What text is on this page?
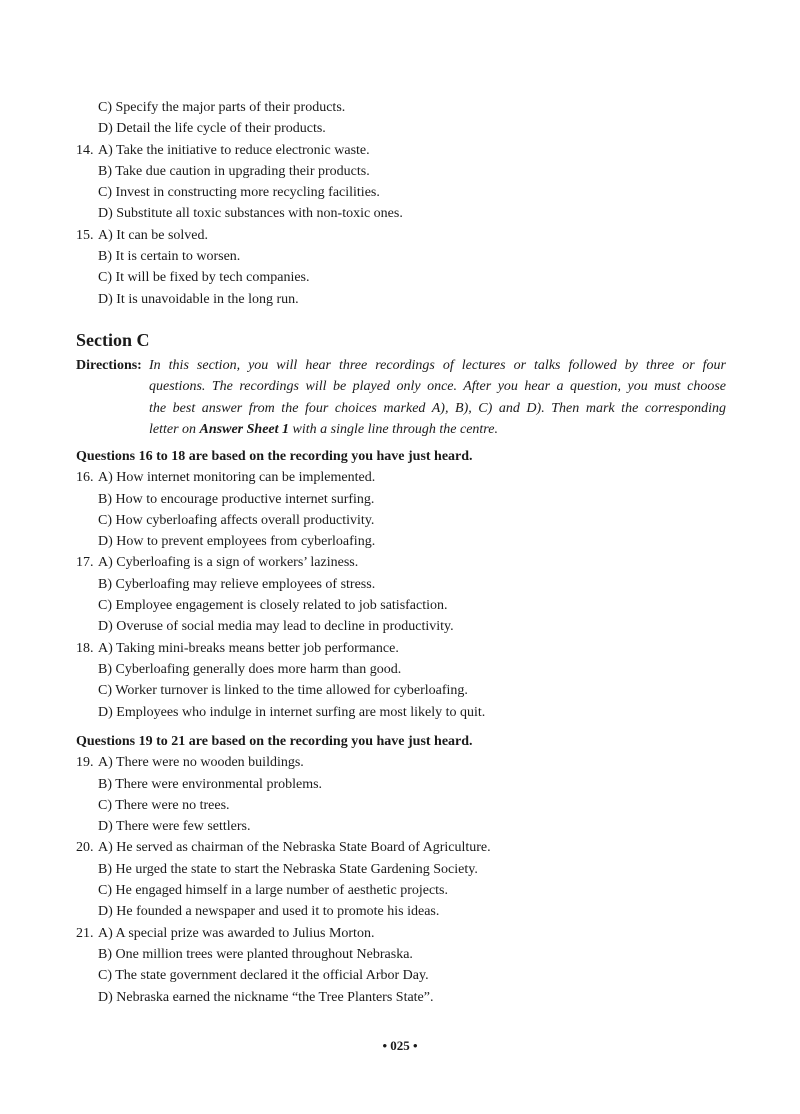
C) Specify the major parts of their products.
D) Detail the life cycle of their products.
14. A) Take the initiative to reduce electronic waste.
B) Take due caution in upgrading their products.
C) Invest in constructing more recycling facilities.
D) Substitute all toxic substances with non-toxic ones.
15. A) It can be solved.
B) It is certain to worsen.
C) It will be fixed by tech companies.
D) It is unavoidable in the long run.
Section C
Directions: In this section, you will hear three recordings of lectures or talks followed by three or four
questions. The recordings will be played only once. After you hear a question, you must choose
the best answer from the four choices marked A), B), C) and D). Then mark the corresponding
letter on Answer Sheet 1 with a single line through the centre.
Questions 16 to 18 are based on the recording you have just heard.
16. A) How internet monitoring can be implemented.
B) How to encourage productive internet surfing.
C) How cyberloafing affects overall productivity.
D) How to prevent employees from cyberloafing.
17. A) Cyberloafing is a sign of workers’ laziness.
B) Cyberloafing may relieve employees of stress.
C) Employee engagement is closely related to job satisfaction.
D) Overuse of social media may lead to decline in productivity.
18. A) Taking mini-breaks means better job performance.
B) Cyberloafing generally does more harm than good.
C) Worker turnover is linked to the time allowed for cyberloafing.
D) Employees who indulge in internet surfing are most likely to quit.
Questions 19 to 21 are based on the recording you have just heard.
19. A) There were no wooden buildings.
B) There were environmental problems.
C) There were no trees.
D) There were few settlers.
20. A) He served as chairman of the Nebraska State Board of Agriculture.
B) He urged the state to start the Nebraska State Gardening Society.
C) He engaged himself in a large number of aesthetic projects.
D) He founded a newspaper and used it to promote his ideas.
21. A) A special prize was awarded to Julius Morton.
B) One million trees were planted throughout Nebraska.
C) The state government declared it the official Arbor Day.
D) Nebraska earned the nickname “the Tree Planters State”.
• 025 •
